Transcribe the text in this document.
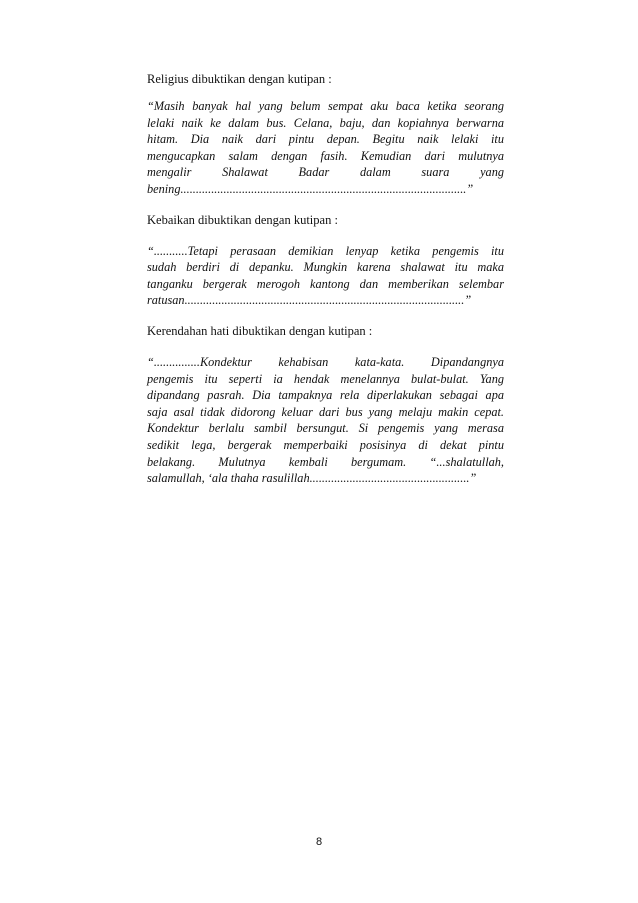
Religius dibuktikan dengan kutipan :

“Masih banyak hal yang belum sempat aku baca ketika seorang
lelaki naik ke dalam bus. Celana, baju, dan kopiahnya berwarna
hitam. Dia naik dari pintu depan. Begitu naik lelaki itu
mengucapkan salam dengan fasih. Kemudian dari mulutnya
mengalir Shalawat Badar dalam suara yang
bening.............................................................................................”

Kebaikan dibuktikan dengan kutipan :

“...........Tetapi perasaan demikian lenyap ketika pengemis itu
sudah berdiri di depanku. Mungkin karena shalawat itu maka
tanganku bergerak merogoh kantong dan memberikan selembar
ratusan...........................................................................................”

Kerendahan hati dibuktikan dengan kutipan :

“...............Kondektur kehabisan kata-kata. Dipandangnya
pengemis itu seperti ia hendak menelannya bulat-bulat. Yang
dipandang pasrah. Dia tampaknya rela diperlakukan sebagai apa
saja asal tidak didorong keluar dari bus yang melaju makin cepat.
Kondektur berlalu sambil bersungut. Si pengemis yang merasa
sedikit lega, bergerak memperbaiki posisinya di dekat pintu
belakang. Mulutnya kembali bergumam. “...shalatullah,
salamullah, ‘ala thaha rasulillah....................................................”
8
